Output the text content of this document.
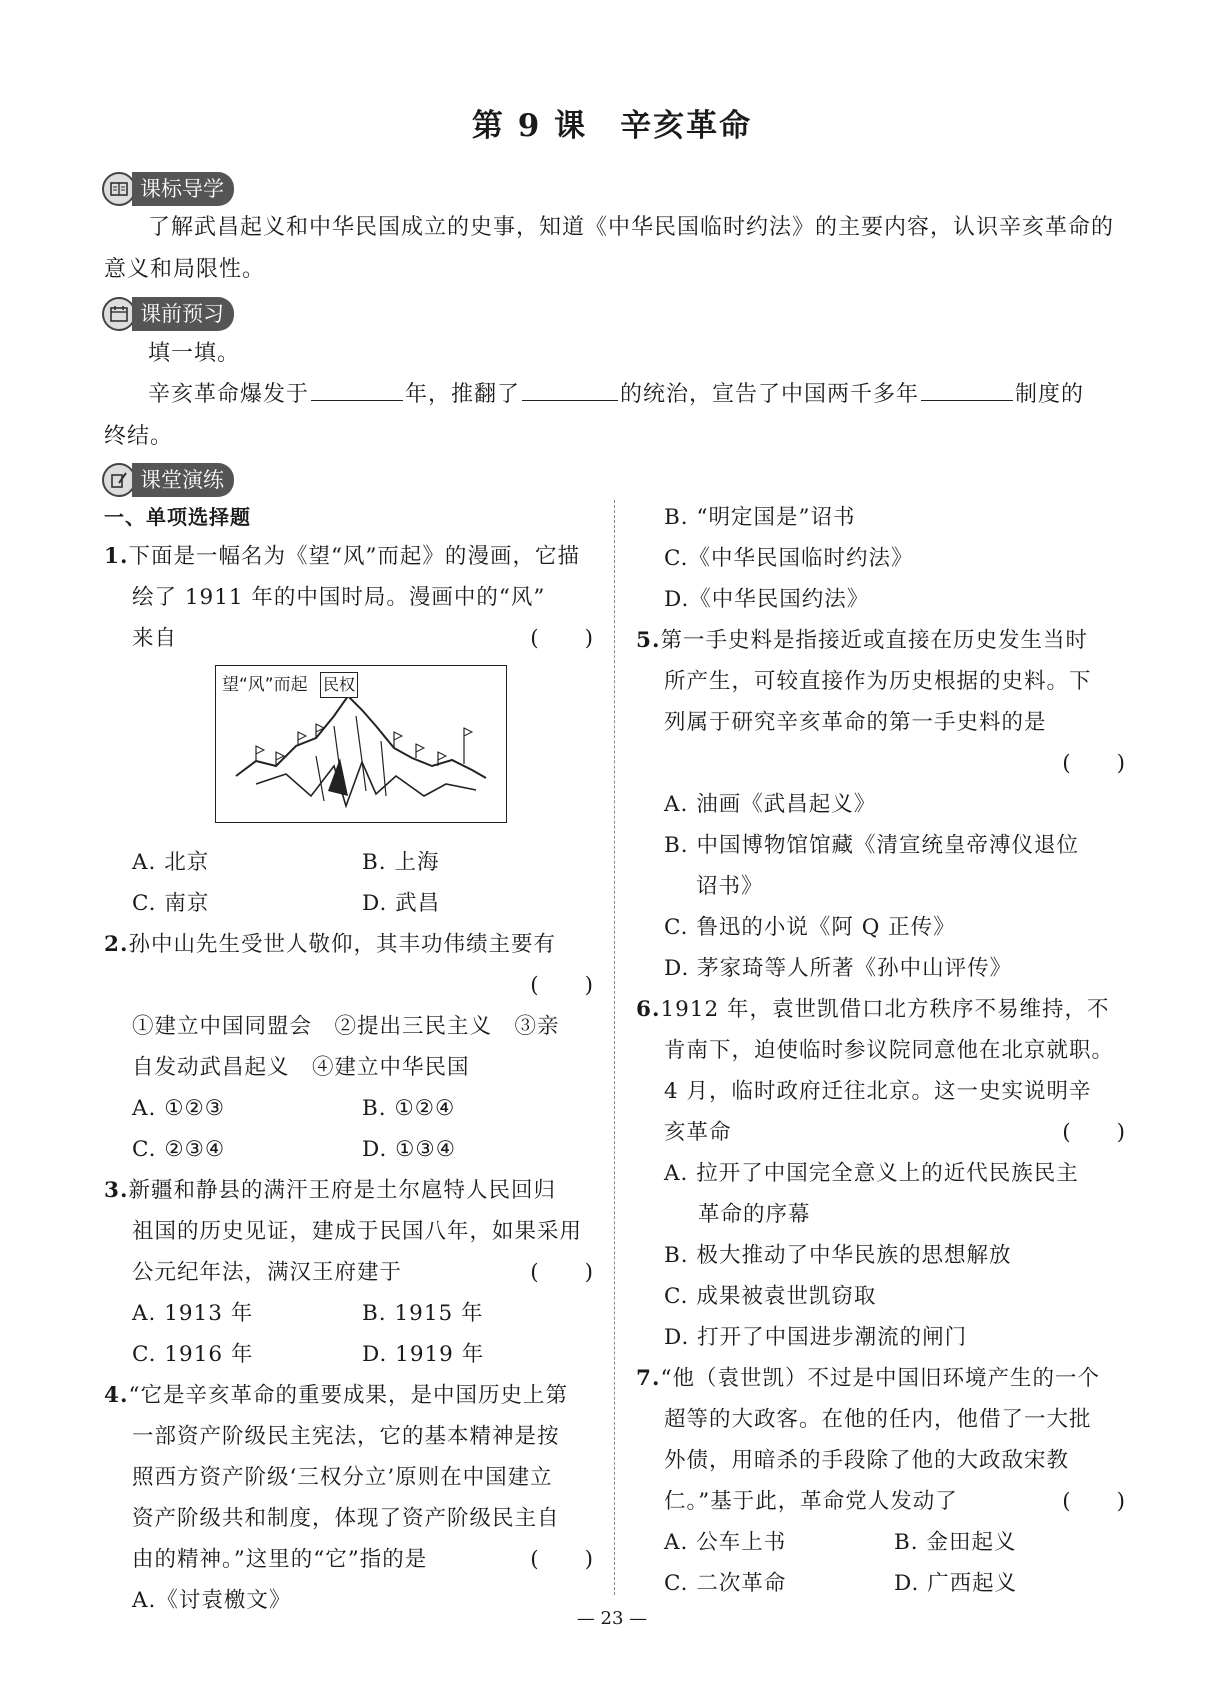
第 9 课　辛亥革命
课标导学
了解武昌起义和中华民国成立的史事，知道《中华民国临时约法》的主要内容，认识辛亥革命的意义和局限性。
课前预习
填一填。
辛亥革命爆发于	年，推翻了	的统治，宣告了中国两千多年	制度的
终结。
课堂演练
一、单项选择题
1.下面是一幅名为《望“风”而起》的漫画，它描
绘了 1911 年的中国时局。漫画中的“风”
来自	(　　)
A. 北京	B. 上海
C. 南京	D. 武昌
2.孙中山先生受世人敬仰，其丰功伟绩主要有
(　　)
①建立中国同盟会　②提出三民主义　③亲
自发动武昌起义　④建立中华民国
A. ①②③	B. ①②④
C. ②③④	D. ①③④
3.新疆和静县的满汗王府是土尔扈特人民回归
祖国的历史见证，建成于民国八年，如果采用
公元纪年法，满汉王府建于	(　　)
A. 1913 年	B. 1915 年
C. 1916 年	D. 1919 年
4.“它是辛亥革命的重要成果，是中国历史上第
一部资产阶级民主宪法，它的基本精神是按
照西方资产阶级‘三权分立’原则在中国建立
资产阶级共和制度，体现了资产阶级民主自
由的精神。”这里的“它”指的是	(　　)
A.《讨袁檄文》
望“风”而起 民权
B. “明定国是”诏书
C.《中华民国临时约法》
D.《中华民国约法》
5.第一手史料是指接近或直接在历史发生当时
所产生，可较直接作为历史根据的史料。下
列属于研究辛亥革命的第一手史料的是
(　　)
A. 油画《武昌起义》
B. 中国博物馆馆藏《清宣统皇帝溥仪退位
诏书》
C. 鲁迅的小说《阿 Q 正传》
D. 茅家琦等人所著《孙中山评传》
6.1912 年，袁世凯借口北方秩序不易维持，不
肯南下，迫使临时参议院同意他在北京就职。
4 月，临时政府迁往北京。这一史实说明辛
亥革命	(　　)
A. 拉开了中国完全意义上的近代民族民主
革命的序幕
B. 极大推动了中华民族的思想解放
C. 成果被袁世凯窃取
D. 打开了中国进步潮流的闸门
7.“他（袁世凯）不过是中国旧环境产生的一个
超等的大政客。在他的任内，他借了一大批
外债，用暗杀的手段除了他的大政敌宋教
仁。”基于此，革命党人发动了	(　　)
A. 公车上书	B. 金田起义
C. 二次革命	D. 广西起义
— 23 —
